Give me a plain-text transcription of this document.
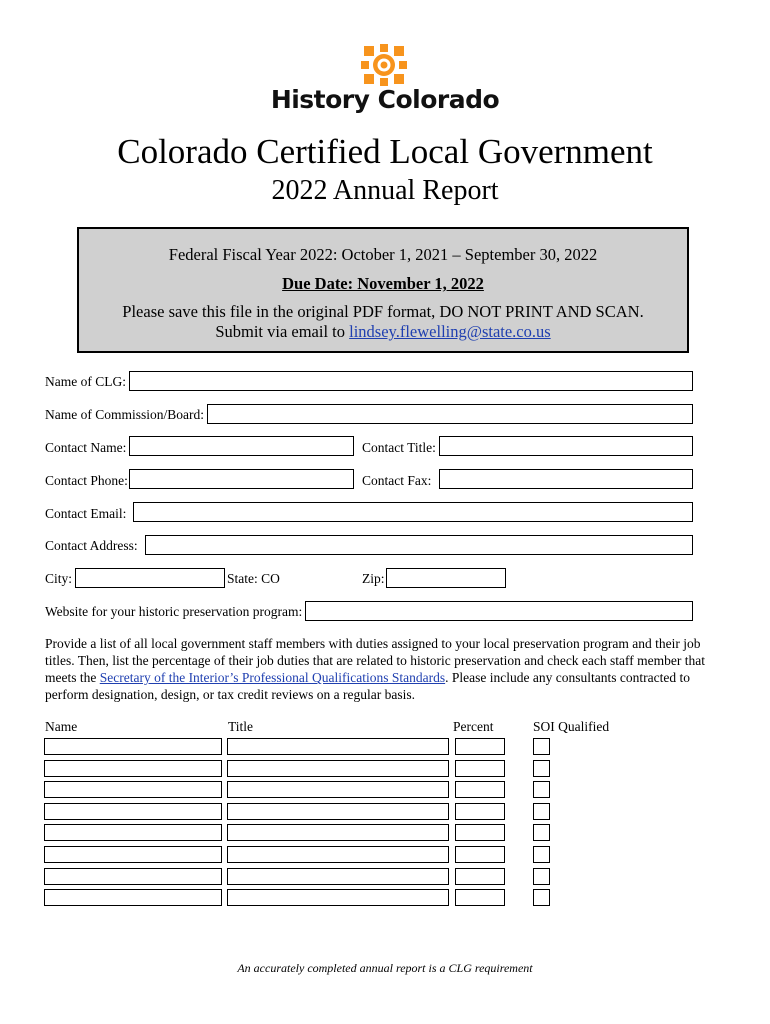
History Colorado
Colorado Certified Local Government
2022 Annual Report
Federal Fiscal Year 2022: October 1, 2021 – September 30, 2022
Due Date: November 1, 2022
Please save this file in the original PDF format, DO NOT PRINT AND SCAN.
Submit via email to lindsey.flewelling@state.co.us
Name of CLG:
Name of Commission/Board:
Contact Name:	Contact Title:
Contact Phone:	Contact Fax:
Contact Email:
Contact Address:
City:	State: CO	Zip:
Website for your historic preservation program:
Provide a list of all local government staff members with duties assigned to your local preservation program and their job titles. Then, list the percentage of their job duties that are related to historic preservation and check each staff member that meets the Secretary of the Interior’s Professional Qualifications Standards. Please include any consultants contracted to perform designation, design, or tax credit reviews on a regular basis.
Name	Title	Percent	SOI Qualified
An accurately completed annual report is a CLG requirement
